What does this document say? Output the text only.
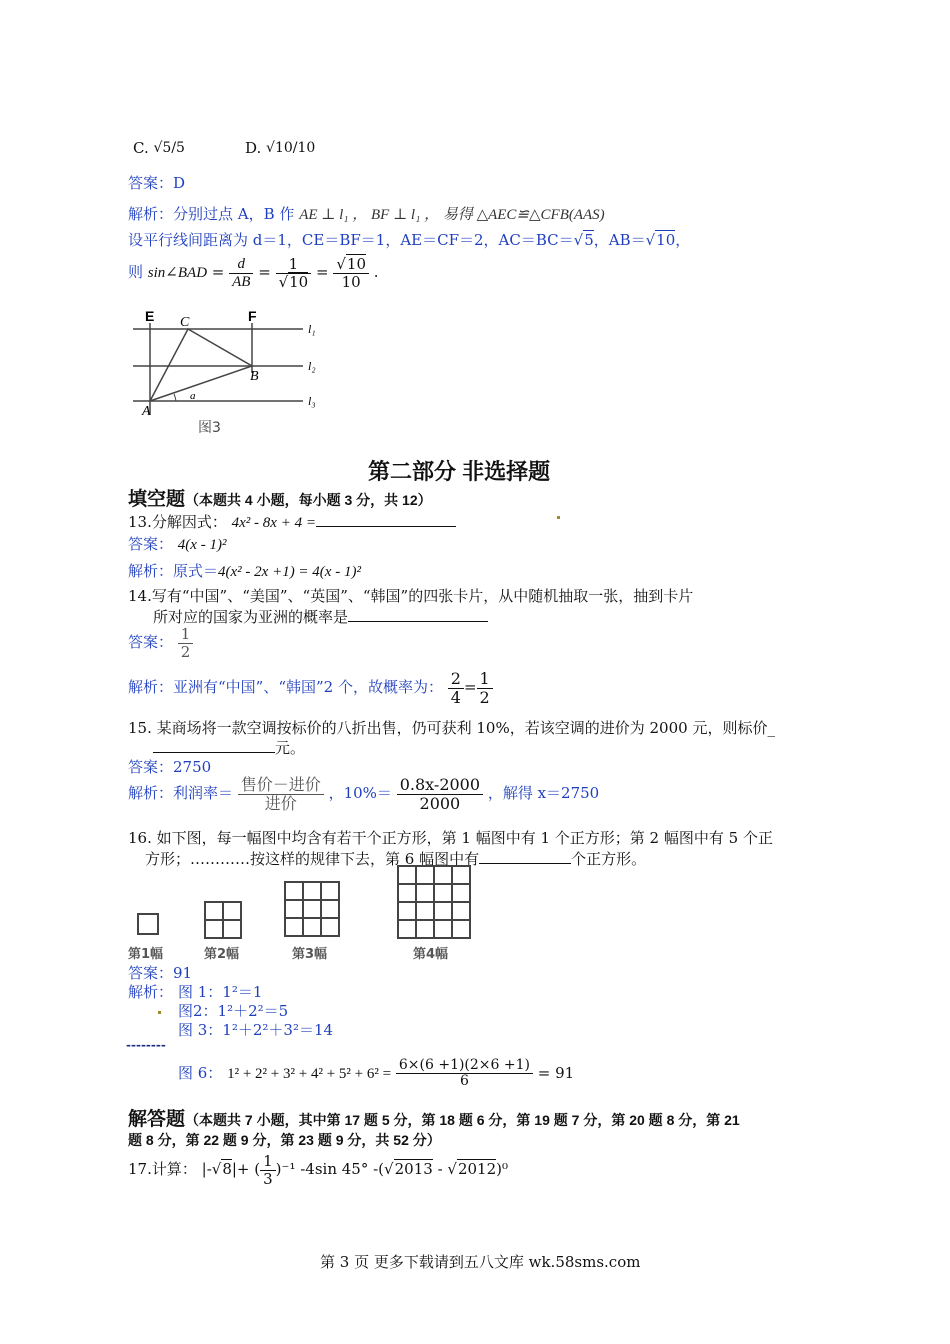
C. √5/5	D. √10/10
答案：D
解析：分别过点 A，B 作 AE ⊥ l₁ ， BF ⊥ l₁ ， 易得 △AEC≌△CFB(AAS)
设平行线间距离为 d＝1，CE＝BF＝1，AE＝CF＝2，AC＝BC＝√5，AB＝√10，
则 sin∠BAD = $\frac{d}{AB} = \frac{1}{√10} = \frac{√10}{10}$ .
E	F
C
B
A
a
l₁
l₂
l₃
图3
第二部分 非选择题
填空题（本题共 4 小题，每小题 3 分，共 12）
13.分解因式： 4x² - 8x + 4 =
答案： 4(x - 1)²
解析：原式＝4(x² - 2x +1) = 4(x - 1)²
14.写有“中国”、“美国”、“英国”、“韩国”的四张卡片，从中随机抽取一张，抽到卡片
所对应的国家为亚洲的概率是
答案： $\frac{1}{2}$
解析：亚洲有“中国”、“韩国”2 个，故概率为： $\frac{2}{4} = \frac{1}{2}$
15. 某商场将一款空调按标价的八折出售，仍可获利 10%，若该空调的进价为 2000 元，则标价_
元。
答案：2750
解析：利润率＝ $\frac{\text{售价－进价}}{\text{进价}}$ ，$10\%= \frac{0.8x-2000}{2000}$ ，解得 x＝2750
16. 如下图，每一幅图中均含有若干个正方形，第 1 幅图中有 1 个正方形；第 2 幅图中有 5 个正
方形；…………按这样的规律下去，第 6 幅图中有	个正方形。
第1幅	第2幅	第3幅	第4幅
答案：91
解析： 图 1：1²＝1
图2：1²＋2²＝5
图 3：1²＋2²＋3²＝14
--------
图 6： $1^2 + 2^2 + 3^2 + 4^2 + 5^2 + 6^2 = \frac{6\times(6 +1)(2\times 6 +1)}{6} = 91$
解答题（本题共 7 小题，其中第 17 题 5 分，第 18 题 6 分，第 19 题 7 分，第 20 题 8 分，第 21
题 8 分，第 22 题 9 分，第 23 题 9 分，共 52 分）
17.计算： |-√8|+ ( $\frac{1}{3} )^{-1}$ -4sin 45° -(√2013 - √2012)⁰
第 3 页 更多下载请到五八文库 wk.58sms.com
